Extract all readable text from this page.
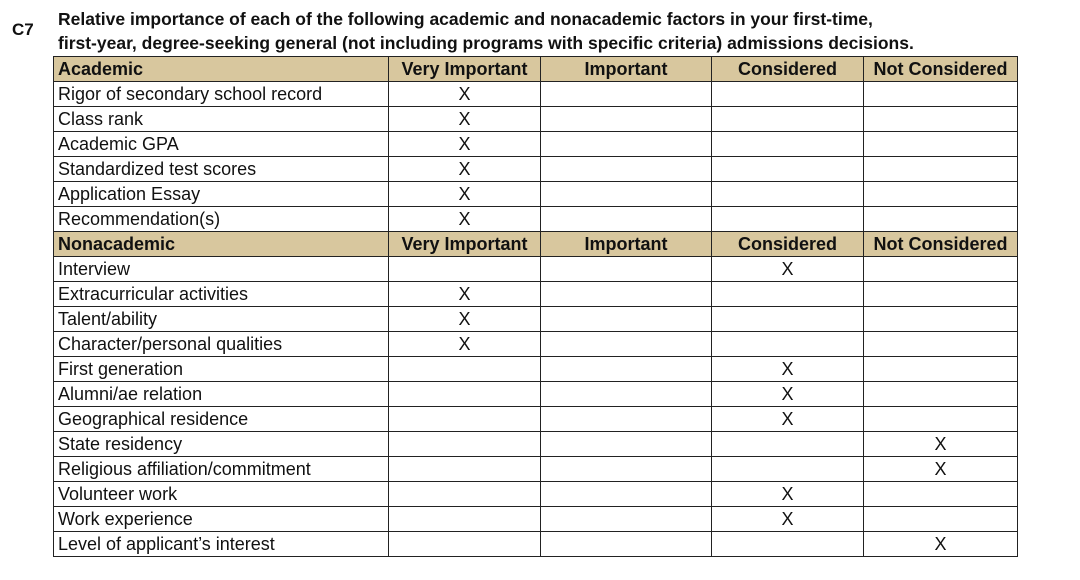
C7
Relative importance of each of the following academic and nonacademic factors in your first-time,
first-year, degree-seeking general (not including programs with specific criteria) admissions decisions.
Academic	Very Important	Important	Considered	Not Considered
Rigor of secondary school record	X			
Class rank	X			
Academic GPA	X			
Standardized test scores	X			
Application Essay	X			
Recommendation(s)	X			
Nonacademic	Very Important	Important	Considered	Not Considered
Interview			X	
Extracurricular activities	X			
Talent/ability	X			
Character/personal qualities	X			
First generation			X	
Alumni/ae relation			X	
Geographical residence			X	
State residency				X
Religious affiliation/commitment				X
Volunteer work			X	
Work experience			X	
Level of applicant’s interest				X
